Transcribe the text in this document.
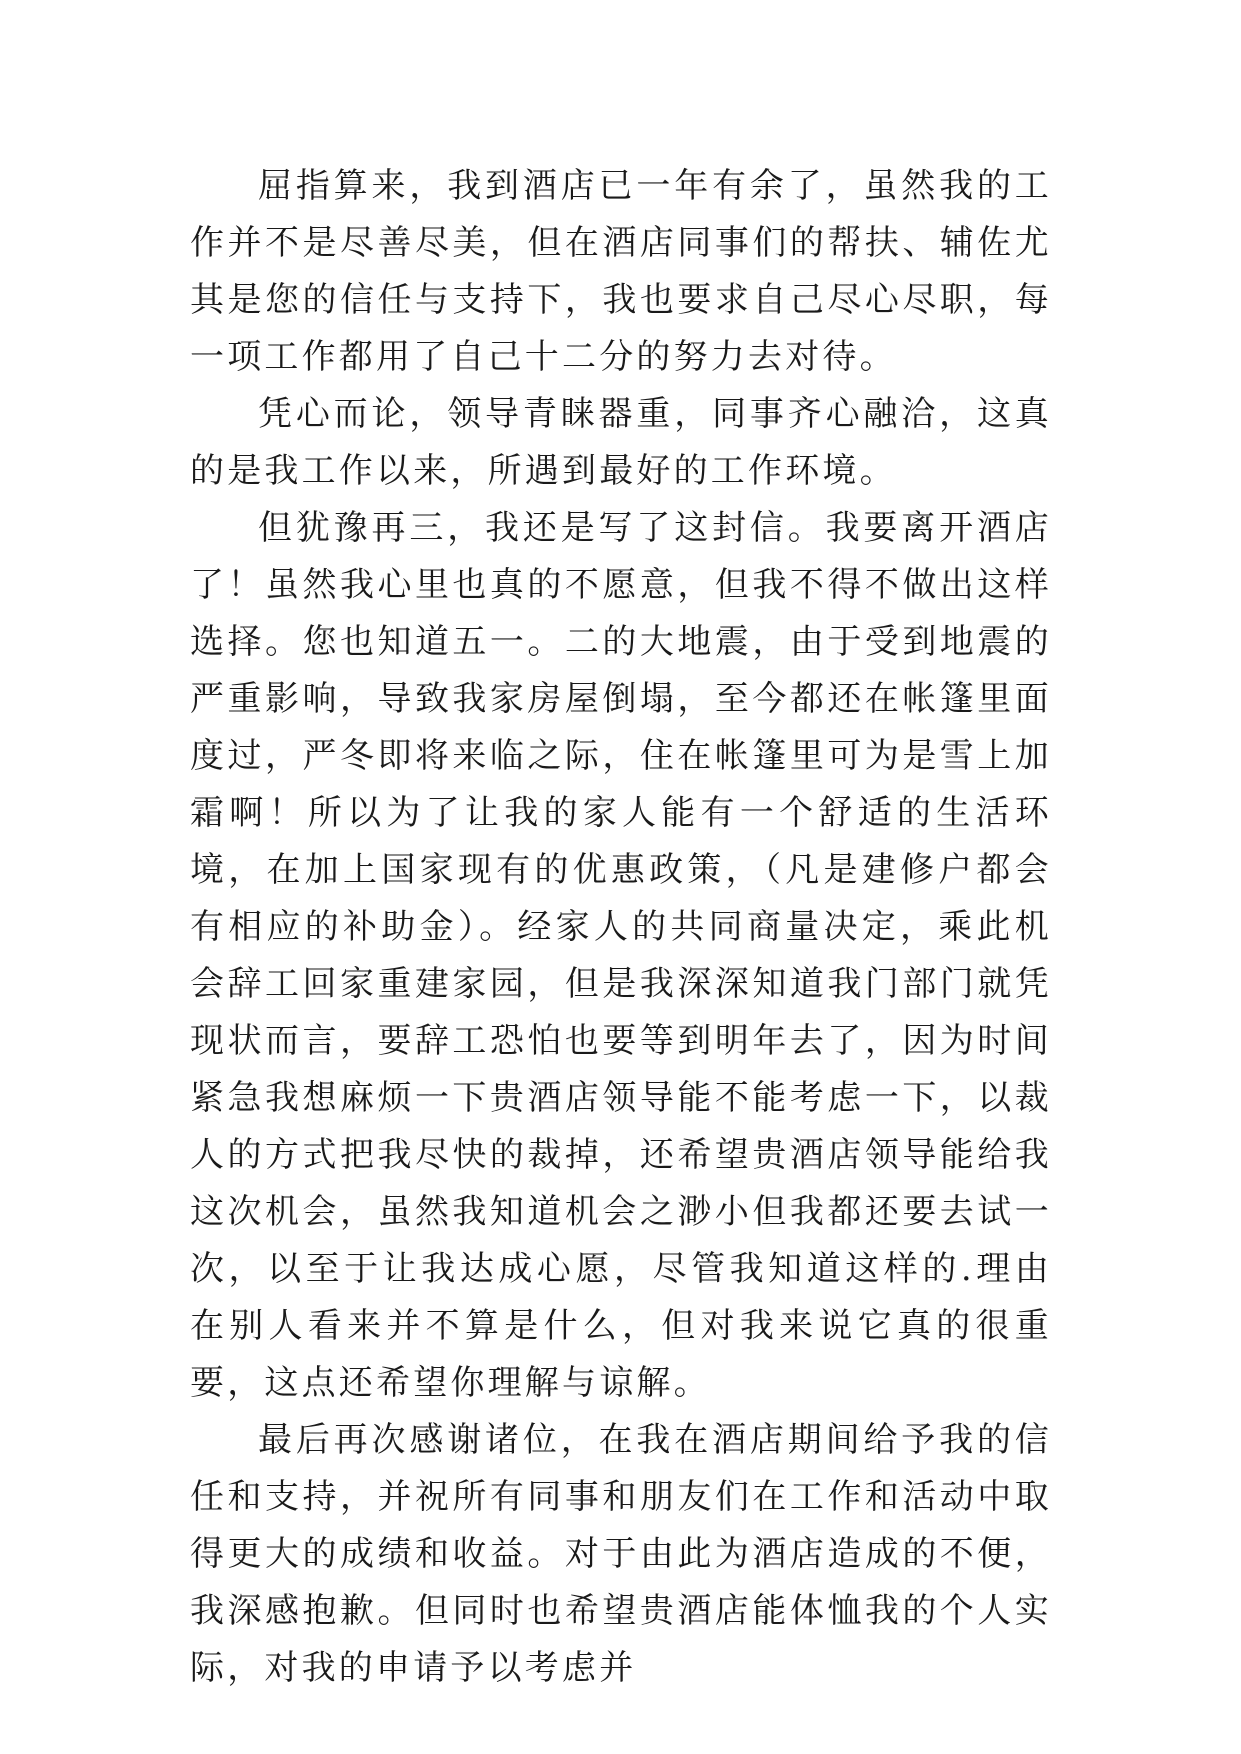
屈指算来，我到酒店已一年有余了，虽然我的工作并不是尽善尽美，但在酒店同事们的帮扶、辅佐尤其是您的信任与支持下，我也要求自己尽心尽职，每一项工作都用了自己十二分的努力去对待。

凭心而论，领导青睐器重，同事齐心融洽，这真的是我工作以来，所遇到最好的工作环境。

但犹豫再三，我还是写了这封信。我要离开酒店了！虽然我心里也真的不愿意，但我不得不做出这样选择。您也知道五一。二的大地震，由于受到地震的严重影响，导致我家房屋倒塌，至今都还在帐篷里面度过，严冬即将来临之际，住在帐篷里可为是雪上加霜啊！所以为了让我的家人能有一个舒适的生活环境，在加上国家现有的优惠政策，（凡是建修户都会有相应的补助金）。经家人的共同商量决定，乘此机会辞工回家重建家园，但是我深深知道我门部门就凭现状而言，要辞工恐怕也要等到明年去了，因为时间紧急我想麻烦一下贵酒店领导能不能考虑一下，以裁人的方式把我尽快的裁掉，还希望贵酒店领导能给我这次机会，虽然我知道机会之渺小但我都还要去试一次，以至于让我达成心愿，尽管我知道这样的.理由在别人看来并不算是什么，但对我来说它真的很重要，这点还希望你理解与谅解。

最后再次感谢诸位，在我在酒店期间给予我的信任和支持，并祝所有同事和朋友们在工作和活动中取得更大的成绩和收益。对于由此为酒店造成的不便，我深感抱歉。但同时也希望贵酒店能体恤我的个人实际，对我的申请予以考虑并
